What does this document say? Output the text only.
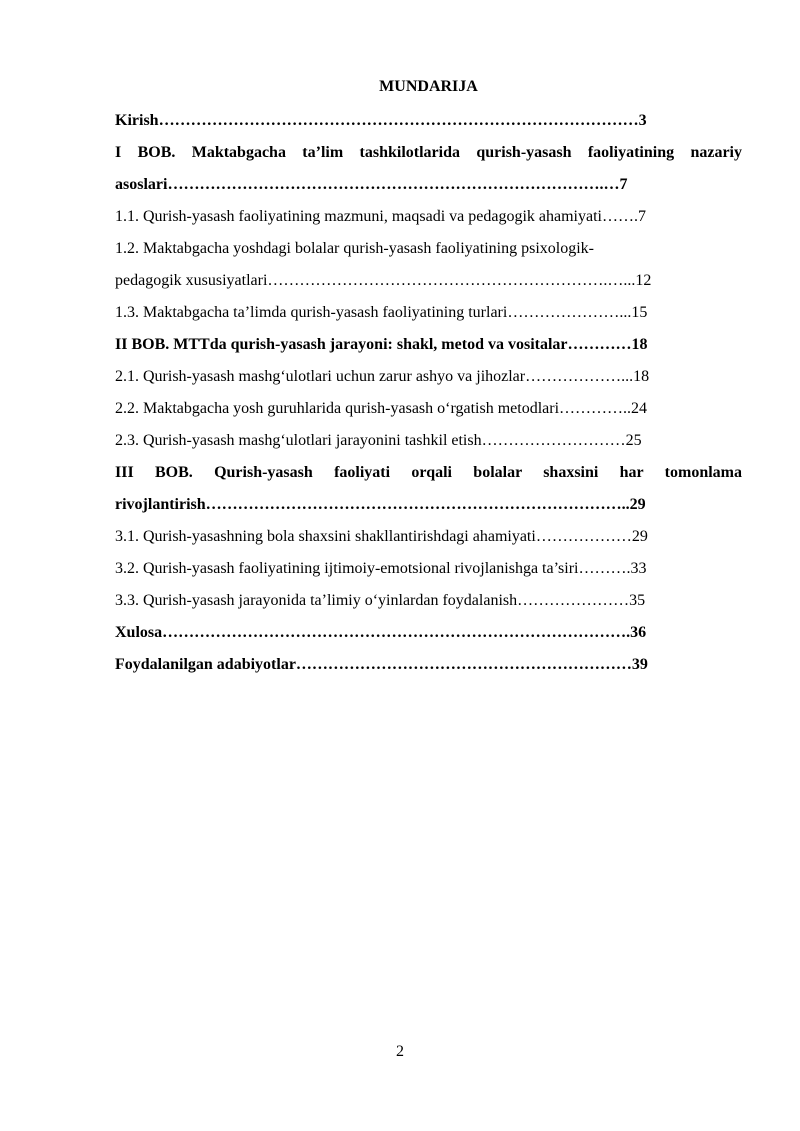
MUNDARIJA
Kirish………………………………………………………………………………3
I BOB. Maktabgacha ta’lim tashkilotlarida qurish-yasash faoliyatining nazariy
asoslari……………………………………………………………………….…7
1.1. Qurish-yasash faoliyatining mazmuni, maqsadi va pedagogik ahamiyati…….7
1.2. Maktabgacha yoshdagi bolalar qurish-yasash faoliyatining psixologik-
pedagogik xususiyatlari……………………………………………………….…...12
1.3. Maktabgacha ta’limda qurish-yasash faoliyatining turlari…………………...15
II BOB. MTTda qurish-yasash jarayoni: shakl, metod va vositalar…………18
2.1. Qurish-yasash mashg‘ulotlari uchun zarur ashyo va jihozlar………………...18
2.2. Maktabgacha yosh guruhlarida qurish-yasash o‘rgatish metodlari…………..24
2.3. Qurish-yasash mashg‘ulotlari jarayonini tashkil etish………………………25
III BOB. Qurish-yasash faoliyati orqali bolalar shaxsini har tomonlama
rivojlantirish……………………………………………………………………..29
3.1. Qurish-yasashning bola shaxsini shakllantirishdagi ahamiyati………………29
3.2. Qurish-yasash faoliyatining ijtimoiy-emotsional rivojlanishga ta’siri……….33
3.3. Qurish-yasash jarayonida ta’limiy o‘yinlardan foydalanish…………………35
Xulosa…………………………………………………………………………….36
Foydalanilgan adabiyotlar………………………………………………………39
2
